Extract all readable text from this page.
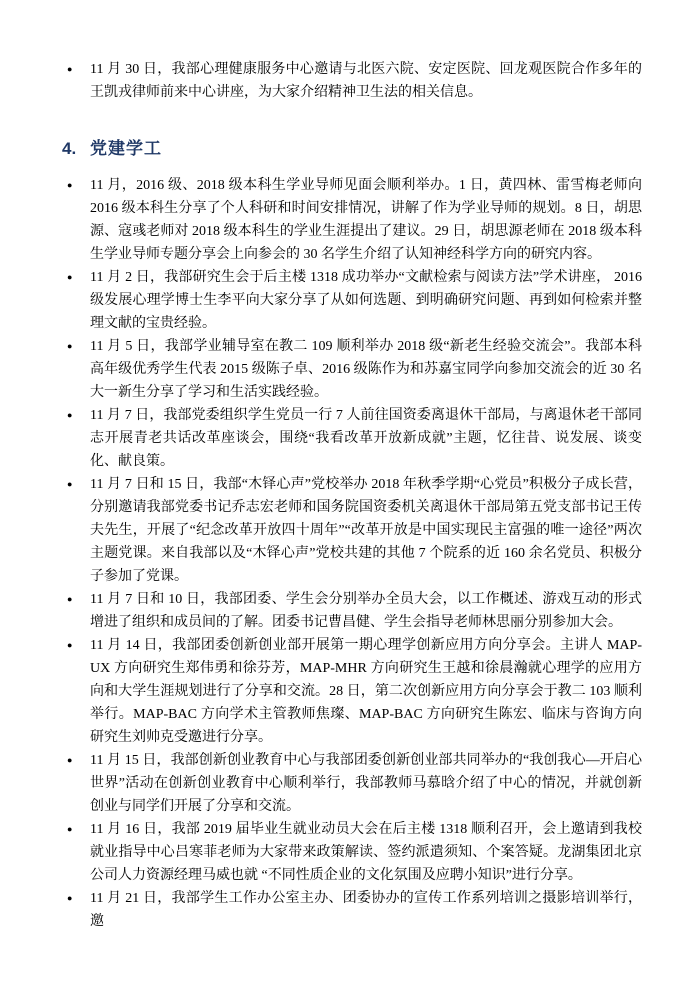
● 11 月 30 日，我部心理健康服务中心邀请与北医六院、安定医院、回龙观医院合作多年的王凯戎律师前来中心讲座，为大家介绍精神卫生法的相关信息。
4. 党建学工
● 11 月，2016 级、2018 级本科生学业导师见面会顺利举办。1 日，黄四林、雷雪梅老师向 2016 级本科生分享了个人科研和时间安排情况，讲解了作为学业导师的规划。8 日，胡思源、寇彧老师对 2018 级本科生的学业生涯提出了建议。29 日，胡思源老师在 2018 级本科生学业导师专题分享会上向参会的 30 名学生介绍了认知神经科学方向的研究内容。
● 11 月 2 日，我部研究生会于后主楼 1318 成功举办“文献检索与阅读方法”学术讲座， 2016 级发展心理学博士生李平向大家分享了从如何选题、到明确研究问题、再到如何检索并整理文献的宝贵经验。
● 11 月 5 日，我部学业辅导室在教二 109 顺利举办 2018 级“新老生经验交流会”。我部本科高年级优秀学生代表 2015 级陈子卓、2016 级陈作为和苏嘉宝同学向参加交流会的近 30 名大一新生分享了学习和生活实践经验。
● 11 月 7 日，我部党委组织学生党员一行 7 人前往国资委离退休干部局，与离退休老干部同志开展青老共话改革座谈会，围绕“我看改革开放新成就”主题，忆往昔、说发展、谈变化、献良策。
● 11 月 7 日和 15 日，我部“木铎心声”党校举办 2018 年秋季学期“心党员”积极分子成长营，分别邀请我部党委书记乔志宏老师和国务院国资委机关离退休干部局第五党支部书记王传夫先生，开展了“纪念改革开放四十周年”“改革开放是中国实现民主富强的唯一途径”两次主题党课。来自我部以及“木铎心声”党校共建的其他 7 个院系的近 160 余名党员、积极分子参加了党课。
● 11 月 7 日和 10 日，我部团委、学生会分别举办全员大会，以工作概述、游戏互动的形式增进了组织和成员间的了解。团委书记曹昌健、学生会指导老师林思丽分别参加大会。
● 11 月 14 日，我部团委创新创业部开展第一期心理学创新应用方向分享会。主讲人 MAP-UX 方向研究生郑伟勇和徐芬芳，MAP-MHR 方向研究生王越和徐晨瀚就心理学的应用方向和大学生涯规划进行了分享和交流。28 日，第二次创新应用方向分享会于教二 103 顺利举行。MAP-BAC 方向学术主管教师焦璨、MAP-BAC 方向研究生陈宏、临床与咨询方向研究生刘帅克受邀进行分享。
● 11 月 15 日，我部创新创业教育中心与我部团委创新创业部共同举办的“我创我心—开启心世界”活动在创新创业教育中心顺利举行，我部教师马慕晗介绍了中心的情况，并就创新创业与同学们开展了分享和交流。
● 11 月 16 日，我部 2019 届毕业生就业动员大会在后主楼 1318 顺利召开，会上邀请到我校就业指导中心吕寒菲老师为大家带来政策解读、签约派遣须知、个案答疑。龙湖集团北京公司人力资源经理马威也就 “不同性质企业的文化氛围及应聘小知识”进行分享。
● 11 月 21 日，我部学生工作办公室主办、团委协办的宣传工作系列培训之摄影培训举行，邀
